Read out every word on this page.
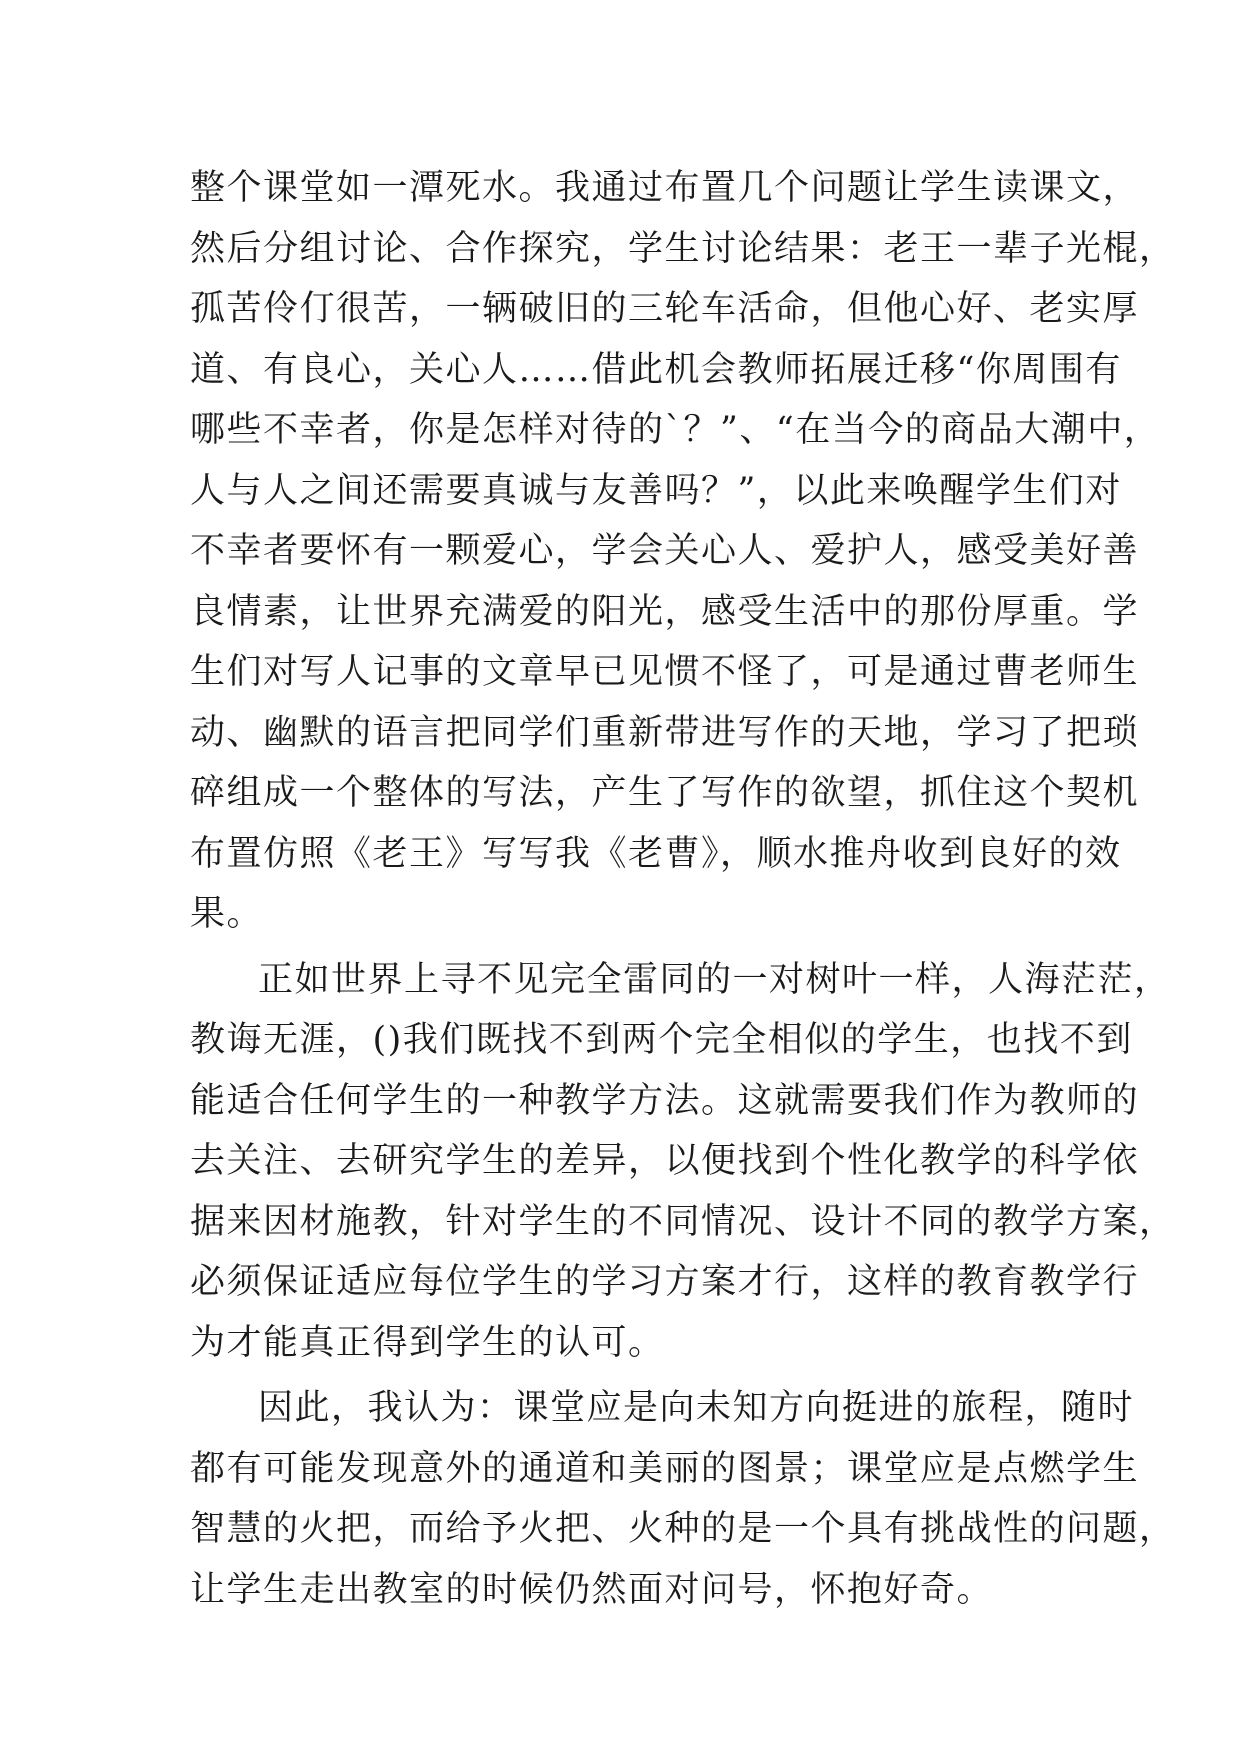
整个课堂如一潭死水。我通过布置几个问题让学生读课文，
然后分组讨论、合作探究，学生讨论结果：老王一辈子光棍，
孤苦伶仃很苦，一辆破旧的三轮车活命，但他心好、老实厚
道、有良心，关心人……借此机会教师拓展迁移“你周围有
哪些不幸者，你是怎样对待的`？”、“在当今的商品大潮中，
人与人之间还需要真诚与友善吗？”，以此来唤醒学生们对
不幸者要怀有一颗爱心，学会关心人、爱护人，感受美好善
良情素，让世界充满爱的阳光，感受生活中的那份厚重。学
生们对写人记事的文章早已见惯不怪了，可是通过曹老师生
动、幽默的语言把同学们重新带进写作的天地，学习了把琐
碎组成一个整体的写法，产生了写作的欲望，抓住这个契机
布置仿照《老王》写写我《老曹》，顺水推舟收到良好的效
果。
正如世界上寻不见完全雷同的一对树叶一样，人海茫茫，
教诲无涯，()我们既找不到两个完全相似的学生，也找不到
能适合任何学生的一种教学方法。这就需要我们作为教师的
去关注、去研究学生的差异，以便找到个性化教学的科学依
据来因材施教，针对学生的不同情况、设计不同的教学方案，
必须保证适应每位学生的学习方案才行，这样的教育教学行
为才能真正得到学生的认可。
因此，我认为：课堂应是向未知方向挺进的旅程，随时
都有可能发现意外的通道和美丽的图景；课堂应是点燃学生
智慧的火把，而给予火把、火种的是一个具有挑战性的问题，
让学生走出教室的时候仍然面对问号，怀抱好奇。
